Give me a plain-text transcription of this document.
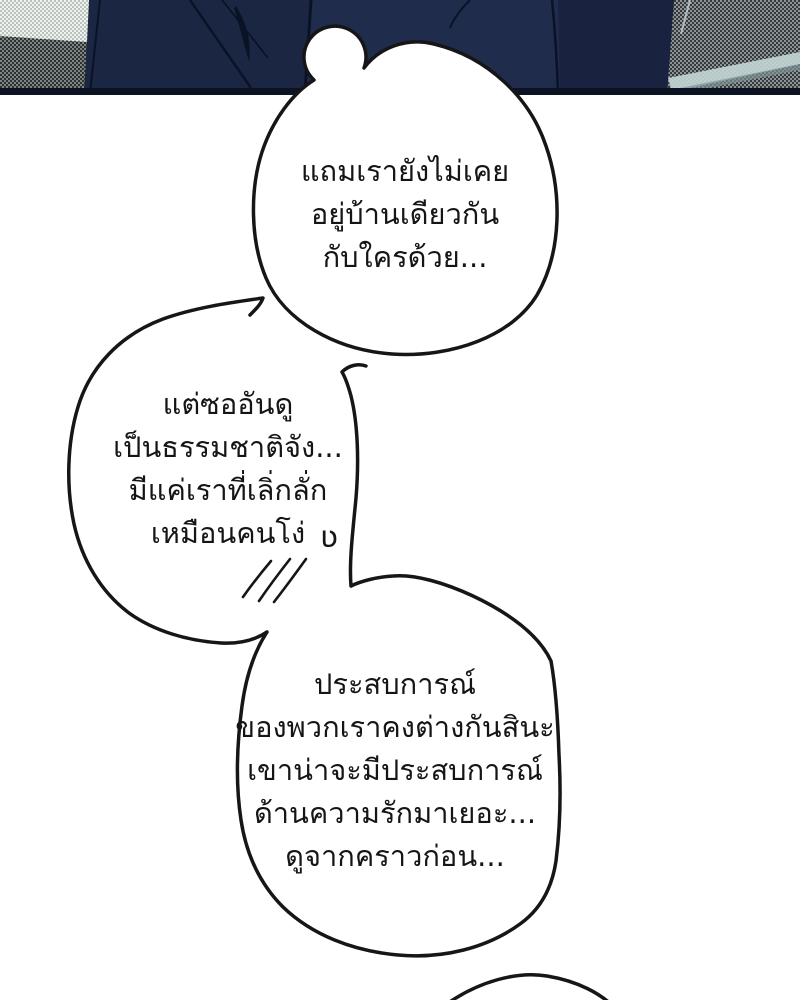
แถมเรายังไม่เคย
อยู่บ้านเดียวกัน
กับใครด้วย...
แต่ซออันดู
เป็นธรรมชาติจัง...
มีแค่เราที่เลิ่กลั่ก
เหมือนคนโง่
ประสบการณ์
ของพวกเราคงต่างกันสินะ
เขาน่าจะมีประสบการณ์
ด้านความรักมาเยอะ...
ดูจากคราวก่อน...
ʋ
